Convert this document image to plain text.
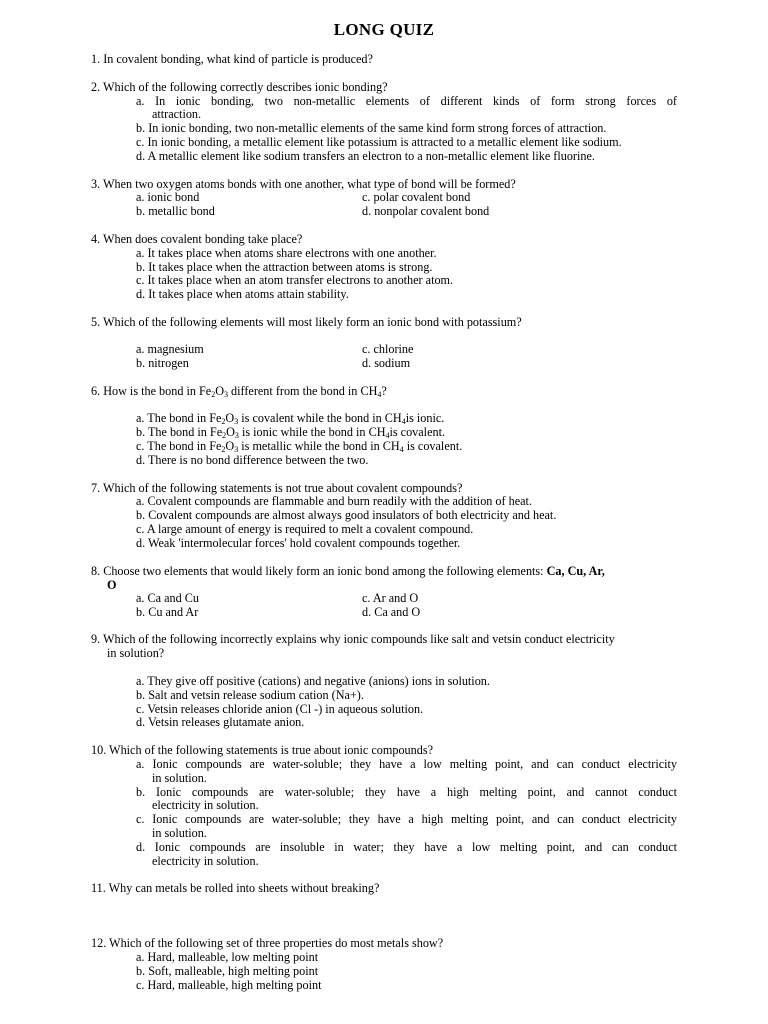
LONG QUIZ
1. In covalent bonding, what kind of particle is produced?
2. Which of the following correctly describes ionic bonding?
a. In ionic bonding, two non-metallic elements of different kinds of form strong forces of
attraction.
b. In ionic bonding, two non-metallic elements of the same kind form strong forces of attraction.
c. In ionic bonding, a metallic element like potassium is attracted to a metallic element like sodium.
d. A metallic element like sodium transfers an electron to a non-metallic element like fluorine.
3. When two oxygen atoms bonds with one another, what type of bond will be formed?
a. ionic bond	c. polar covalent bond
b. metallic bond	d. nonpolar covalent bond
4. When does covalent bonding take place?
a. It takes place when atoms share electrons with one another.
b. It takes place when the attraction between atoms is strong.
c. It takes place when an atom transfer electrons to another atom.
d. It takes place when atoms attain stability.
5. Which of the following elements will most likely form an ionic bond with potassium?
a. magnesium	c. chlorine
b. nitrogen	d. sodium
6. How is the bond in $Fe_2O_3$ different from the bond in $CH_4$?
a. The bond in $Fe_2O_3$ is covalent while the bond in $CH_4is$ ionic.
b. The bond in $Fe_2O_3$ is ionic while the bond in $CH_4is$ covalent.
c. The bond in $Fe_2O_3$ is metallic while the bond in $CH_4$ is covalent.
d. There is no bond difference between the two.
7. Which of the following statements is not true about covalent compounds?
a. Covalent compounds are flammable and burn readily with the addition of heat.
b. Covalent compounds are almost always good insulators of both electricity and heat.
c. A large amount of energy is required to melt a covalent compound.
d. Weak 'intermolecular forces' hold covalent compounds together.
8. Choose two elements that would likely form an ionic bond among the following elements: Ca, Cu, Ar,
O
a. Ca and Cu	c. Ar and O
b. Cu and Ar	d. Ca and O
9. Which of the following incorrectly explains why ionic compounds like salt and vetsin conduct electricity
in solution?
a. They give off positive (cations) and negative (anions) ions in solution.
b. Salt and vetsin release sodium cation (Na+).
c. Vetsin releases chloride anion (Cl -) in aqueous solution.
d. Vetsin releases glutamate anion.
10. Which of the following statements is true about ionic compounds?
a. Ionic compounds are water-soluble; they have a low melting point, and can conduct electricity
in solution.
b. Ionic compounds are water-soluble; they have a high melting point, and cannot conduct
electricity in solution.
c. Ionic compounds are water-soluble; they have a high melting point, and can conduct electricity
in solution.
d. Ionic compounds are insoluble in water; they have a low melting point, and can conduct
electricity in solution.
11. Why can metals be rolled into sheets without breaking?
12. Which of the following set of three properties do most metals show?
a. Hard, malleable, low melting point
b. Soft, malleable, high melting point
c. Hard, malleable, high melting point
